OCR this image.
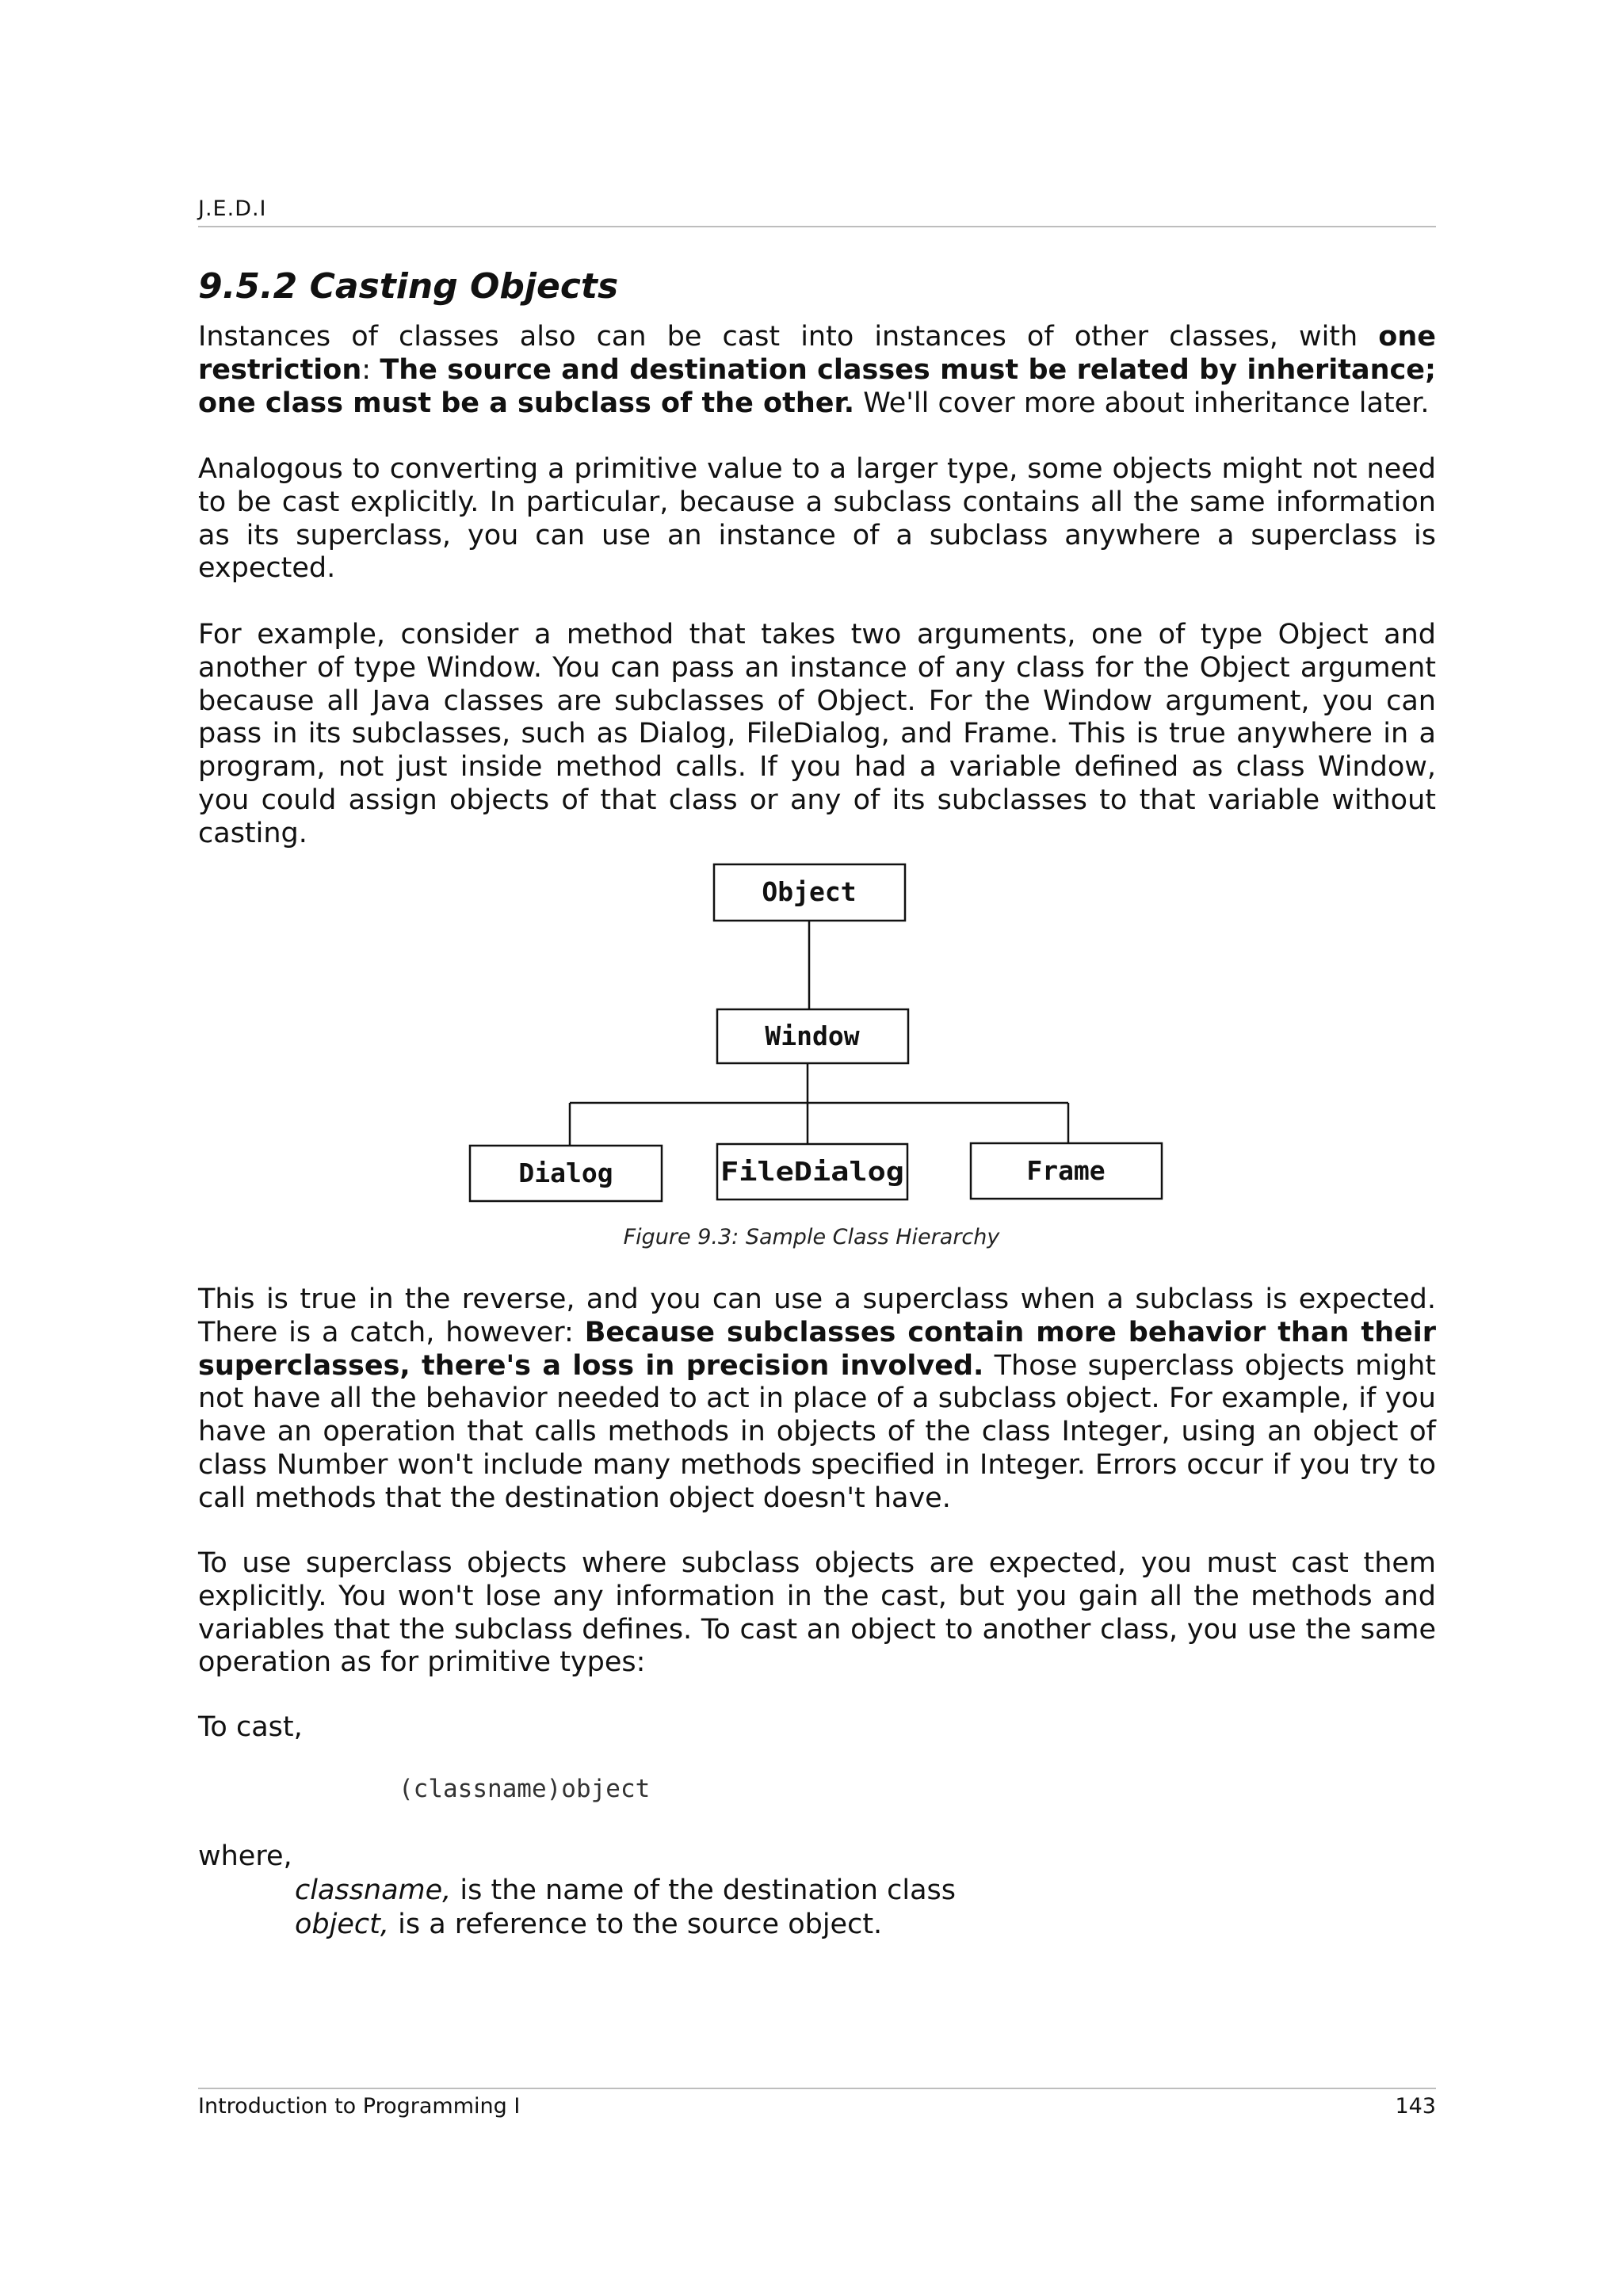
J.E.D.I
9.5.2 Casting Objects

Instances of classes also can be cast into instances of other classes, with one restriction: The source and destination classes must be related by inheritance; one class must be a subclass of the other. We'll cover more about inheritance later.

Analogous to converting a primitive value to a larger type, some objects might not need to be cast explicitly. In particular, because a subclass contains all the same information as its superclass, you can use an instance of a subclass anywhere a superclass is expected.

For example, consider a method that takes two arguments, one of type Object and another of type Window. You can pass an instance of any class for the Object argument because all Java classes are subclasses of Object. For the Window argument, you can pass in its subclasses, such as Dialog, FileDialog, and Frame. This is true anywhere in a program, not just inside method calls. If you had a variable defined as class Window, you could assign objects of that class or any of its subclasses to that variable without casting.

Object
Window
Dialog	FileDialog	Frame

Figure 9.3: Sample Class Hierarchy

This is true in the reverse, and you can use a superclass when a subclass is expected. There is a catch, however: Because subclasses contain more behavior than their superclasses, there's a loss in precision involved. Those superclass objects might not have all the behavior needed to act in place of a subclass object. For example, if you have an operation that calls methods in objects of the class Integer, using an object of class Number won't include many methods specified in Integer. Errors occur if you try to call methods that the destination object doesn't have.

To use superclass objects where subclass objects are expected, you must cast them explicitly. You won't lose any information in the cast, but you gain all the methods and variables that the subclass defines. To cast an object to another class, you use the same operation as for primitive types:

To cast,

(classname)object

where,

classname, is the name of the destination class
object, is a reference to the source object.
Introduction to Programming I	143
